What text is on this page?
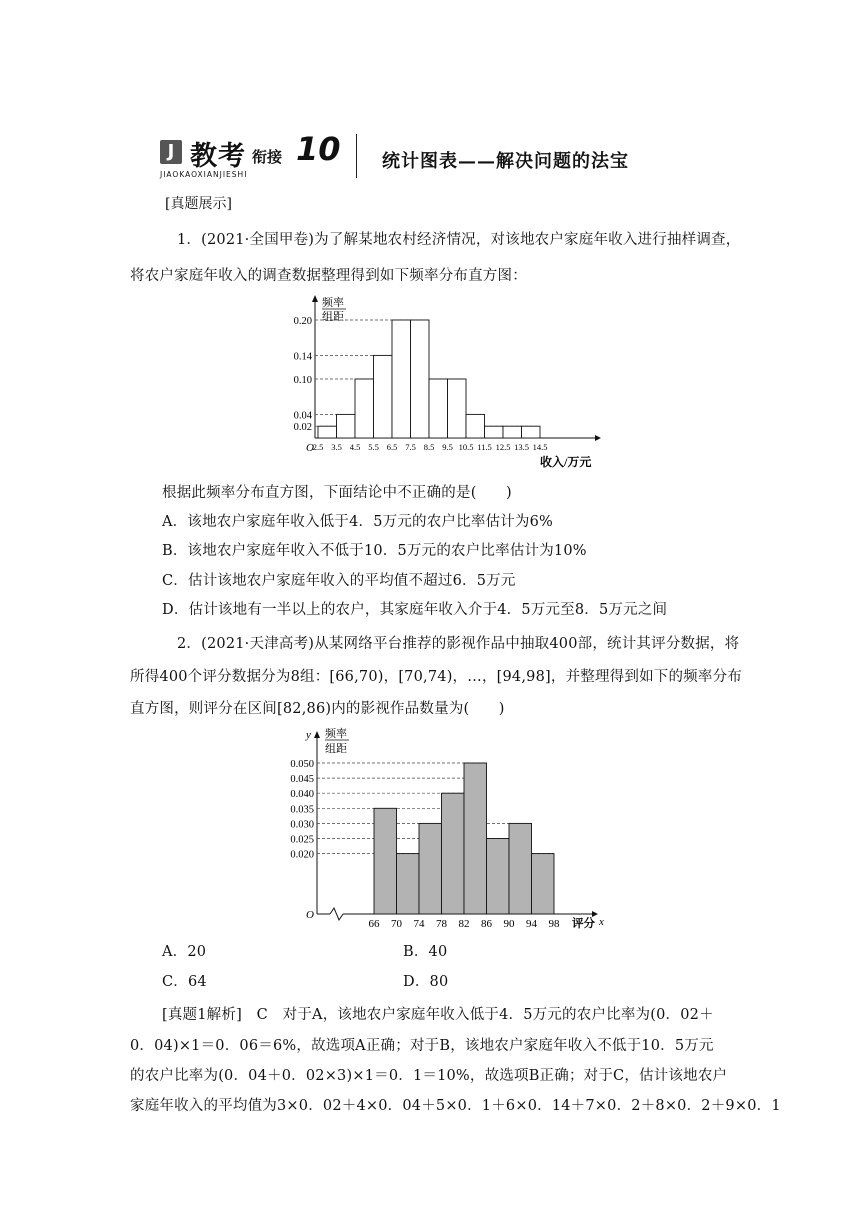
J 教考 衔接 10
JIAOKAOXIANJIESHI
统计图表——解决问题的法宝
[真题展示]
1．(2021·全国甲卷)为了解某地农村经济情况，对该地农户家庭年收入进行抽样调查，
将农户家庭年收入的调查数据整理得到如下频率分布直方图：
频率
组距
0.20
0.14
0.10
0.04
0.02
2.5 3.5 4.5 5.5 6.5 7.5 8.5 9.5 10.5 11.5 12.5 13.5 14.5
O
收入/万元
根据此频率分布直方图，下面结论中不正确的是(　　)
A．该地农户家庭年收入低于4．5万元的农户比率估计为6%
B．该地农户家庭年收入不低于10．5万元的农户比率估计为10%
C．估计该地农户家庭年收入的平均值不超过6．5万元
D．估计该地有一半以上的农户，其家庭年收入介于4．5万元至8．5万元之间
2．(2021·天津高考)从某网络平台推荐的影视作品中抽取400部，统计其评分数据，将
所得400个评分数据分为8组：[66,70)，[70,74)，…，[94,98]，并整理得到如下的频率分布
直方图，则评分在区间[82,86)内的影视作品数量为(　　)
y 频率
组距
0.050
0.045
0.040
0.035
0.030
0.025
0.020
66 70 74 78 82 86 90 94 98
O
评分 x
A．20	B．40
C．64	D．80
[真题1解析]　C　对于A，该地农户家庭年收入低于4．5万元的农户比率为(0．02＋
0．04)×1＝0．06＝6%，故选项A正确；对于B，该地农户家庭年收入不低于10．5万元
的农户比率为(0．04＋0．02×3)×1＝0．1＝10%，故选项B正确；对于C，估计该地农户
家庭年收入的平均值为3×0．02＋4×0．04＋5×0．1＋6×0．14＋7×0．2＋8×0．2＋9×0．1
